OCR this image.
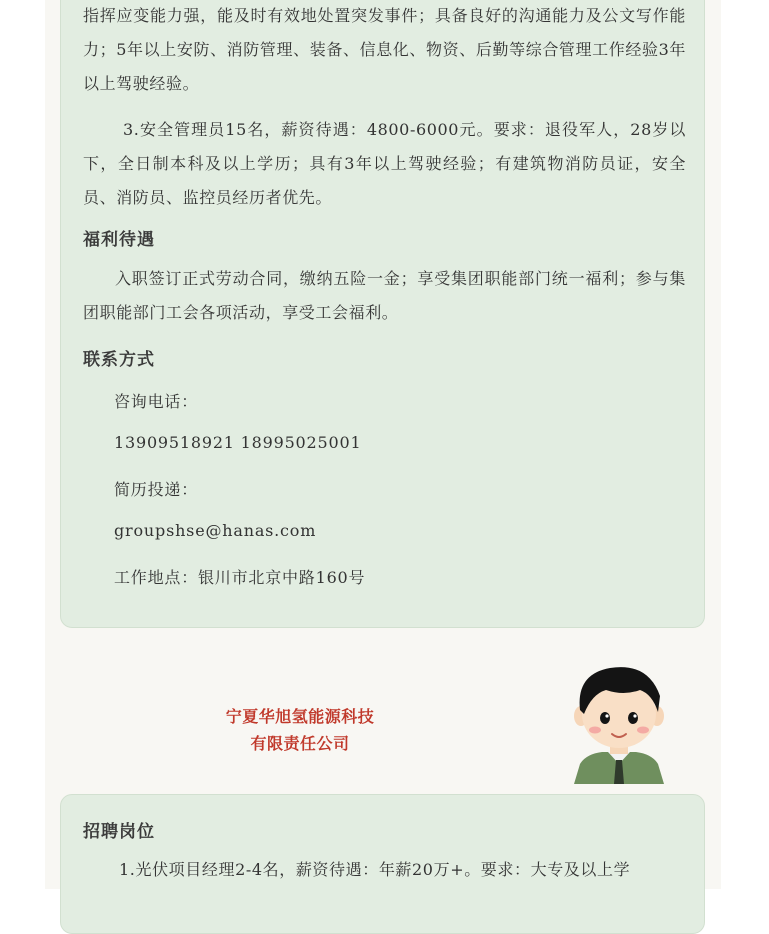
指挥应变能力强，能及时有效地处置突发事件；具备良好的沟通能力及公文写作能力；5年以上安防、消防管理、装备、信息化、物资、后勤等综合管理工作经验3年以上驾驶经验。

3.安全管理员15名，薪资待遇：4800-6000元。要求：退役军人，28岁以下，全日制本科及以上学历；具有3年以上驾驶经验；有建筑物消防员证，安全员、消防员、监控员经历者优先。

福利待遇

入职签订正式劳动合同，缴纳五险一金；享受集团职能部门统一福利；参与集团职能部门工会各项活动，享受工会福利。

联系方式

咨询电话：

13909518921 18995025001

简历投递：

groupshse@hanas.com

工作地点：银川市北京中路160号

宁夏华旭氢能源科技
有限责任公司

招聘岗位

1.光伏项目经理2-4名，薪资待遇：年薪20万+。要求：大专及以上学
